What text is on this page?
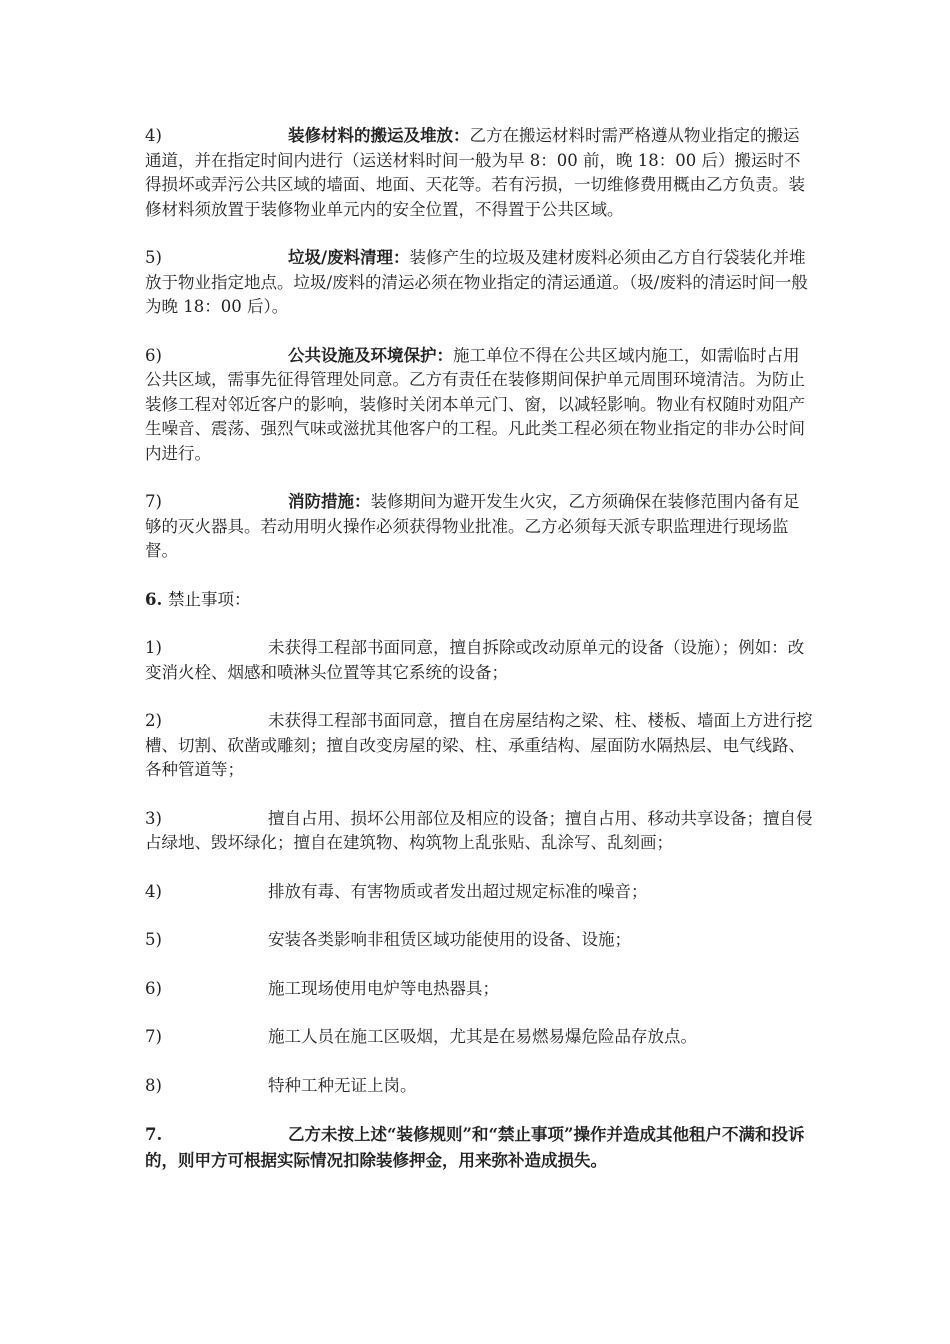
4)	装修材料的搬运及堆放：乙方在搬运材料时需严格遵从物业指定的搬运通道，并在指定时间内进行（运送材料时间一般为早 8：00 前，晚 18：00 后）搬运时不得损坏或弄污公共区域的墙面、地面、天花等。若有污损，一切维修费用概由乙方负责。装修材料须放置于装修物业单元内的安全位置，不得置于公共区域。

5)	垃圾/废料清理：装修产生的垃圾及建材废料必须由乙方自行袋装化并堆放于物业指定地点。垃圾/废料的清运必须在物业指定的清运通道。（圾/废料的清运时间一般为晚 18：00 后）。

6)	公共设施及环境保护：施工单位不得在公共区域内施工，如需临时占用公共区域，需事先征得管理处同意。乙方有责任在装修期间保护单元周围环境清洁。为防止装修工程对邻近客户的影响，装修时关闭本单元门、窗，以减轻影响。物业有权随时劝阻产生噪音、震荡、强烈气味或滋扰其他客户的工程。凡此类工程必须在物业指定的非办公时间内进行。

7)	消防措施：装修期间为避开发生火灾，乙方须确保在装修范围内备有足够的灭火器具。若动用明火操作必须获得物业批准。乙方必须每天派专职监理进行现场监督。

6. 禁止事项：

1)	未获得工程部书面同意，擅自拆除或改动原单元的设备（设施）；例如：改变消火栓、烟感和喷淋头位置等其它系统的设备；

2)	未获得工程部书面同意，擅自在房屋结构之梁、柱、楼板、墙面上方进行挖槽、切割、砍凿或雕刻；擅自改变房屋的梁、柱、承重结构、屋面防水隔热层、电气线路、各种管道等；

3)	擅自占用、损坏公用部位及相应的设备；擅自占用、移动共享设备；擅自侵占绿地、毁坏绿化；擅自在建筑物、构筑物上乱张贴、乱涂写、乱刻画；

4)	排放有毒、有害物质或者发出超过规定标准的噪音；

5)	安装各类影响非租赁区域功能使用的设备、设施；

6)	施工现场使用电炉等电热器具；

7)	施工人员在施工区吸烟，尤其是在易燃易爆危险品存放点。

8)	特种工种无证上岗。

7.	乙方未按上述“装修规则”和“禁止事项”操作并造成其他租户不满和投诉的，则甲方可根据实际情况扣除装修押金，用来弥补造成损失。
